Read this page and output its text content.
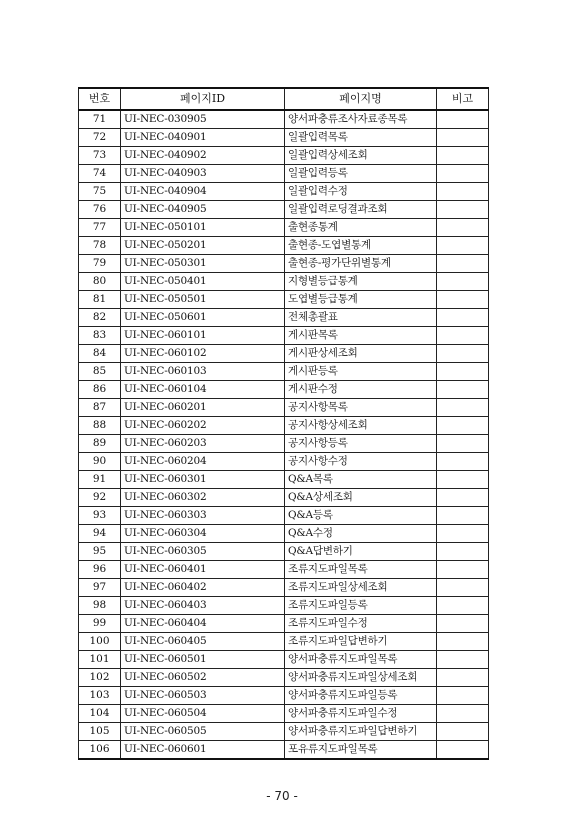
번호	페이지ID	페이지명	비고
71	UI-NEC-030905	양서파충류조사자료종목록	
72	UI-NEC-040901	일괄입력목록	
73	UI-NEC-040902	일괄입력상세조회	
74	UI-NEC-040903	일괄입력등록	
75	UI-NEC-040904	일괄입력수정	
76	UI-NEC-040905	일괄입력로딩결과조회	
77	UI-NEC-050101	출현종통계	
78	UI-NEC-050201	출현종-도엽별통계	
79	UI-NEC-050301	출현종-평가단위별통계	
80	UI-NEC-050401	지형별등급통계	
81	UI-NEC-050501	도엽별등급통계	
82	UI-NEC-050601	전체총괄표	
83	UI-NEC-060101	게시판목록	
84	UI-NEC-060102	게시판상세조회	
85	UI-NEC-060103	게시판등록	
86	UI-NEC-060104	게시판수정	
87	UI-NEC-060201	공지사항목록	
88	UI-NEC-060202	공지사항상세조회	
89	UI-NEC-060203	공지사항등록	
90	UI-NEC-060204	공지사항수정	
91	UI-NEC-060301	Q&A목록	
92	UI-NEC-060302	Q&A상세조회	
93	UI-NEC-060303	Q&A등록	
94	UI-NEC-060304	Q&A수정	
95	UI-NEC-060305	Q&A답변하기	
96	UI-NEC-060401	조류지도파일목록	
97	UI-NEC-060402	조류지도파일상세조회	
98	UI-NEC-060403	조류지도파일등록	
99	UI-NEC-060404	조류지도파일수정	
100	UI-NEC-060405	조류지도파일답변하기	
101	UI-NEC-060501	양서파충류지도파일목록	
102	UI-NEC-060502	양서파충류지도파일상세조회	
103	UI-NEC-060503	양서파충류지도파일등록	
104	UI-NEC-060504	양서파충류지도파일수정	
105	UI-NEC-060505	양서파충류지도파일답변하기	
106	UI-NEC-060601	포유류지도파일목록	
- 70 -
